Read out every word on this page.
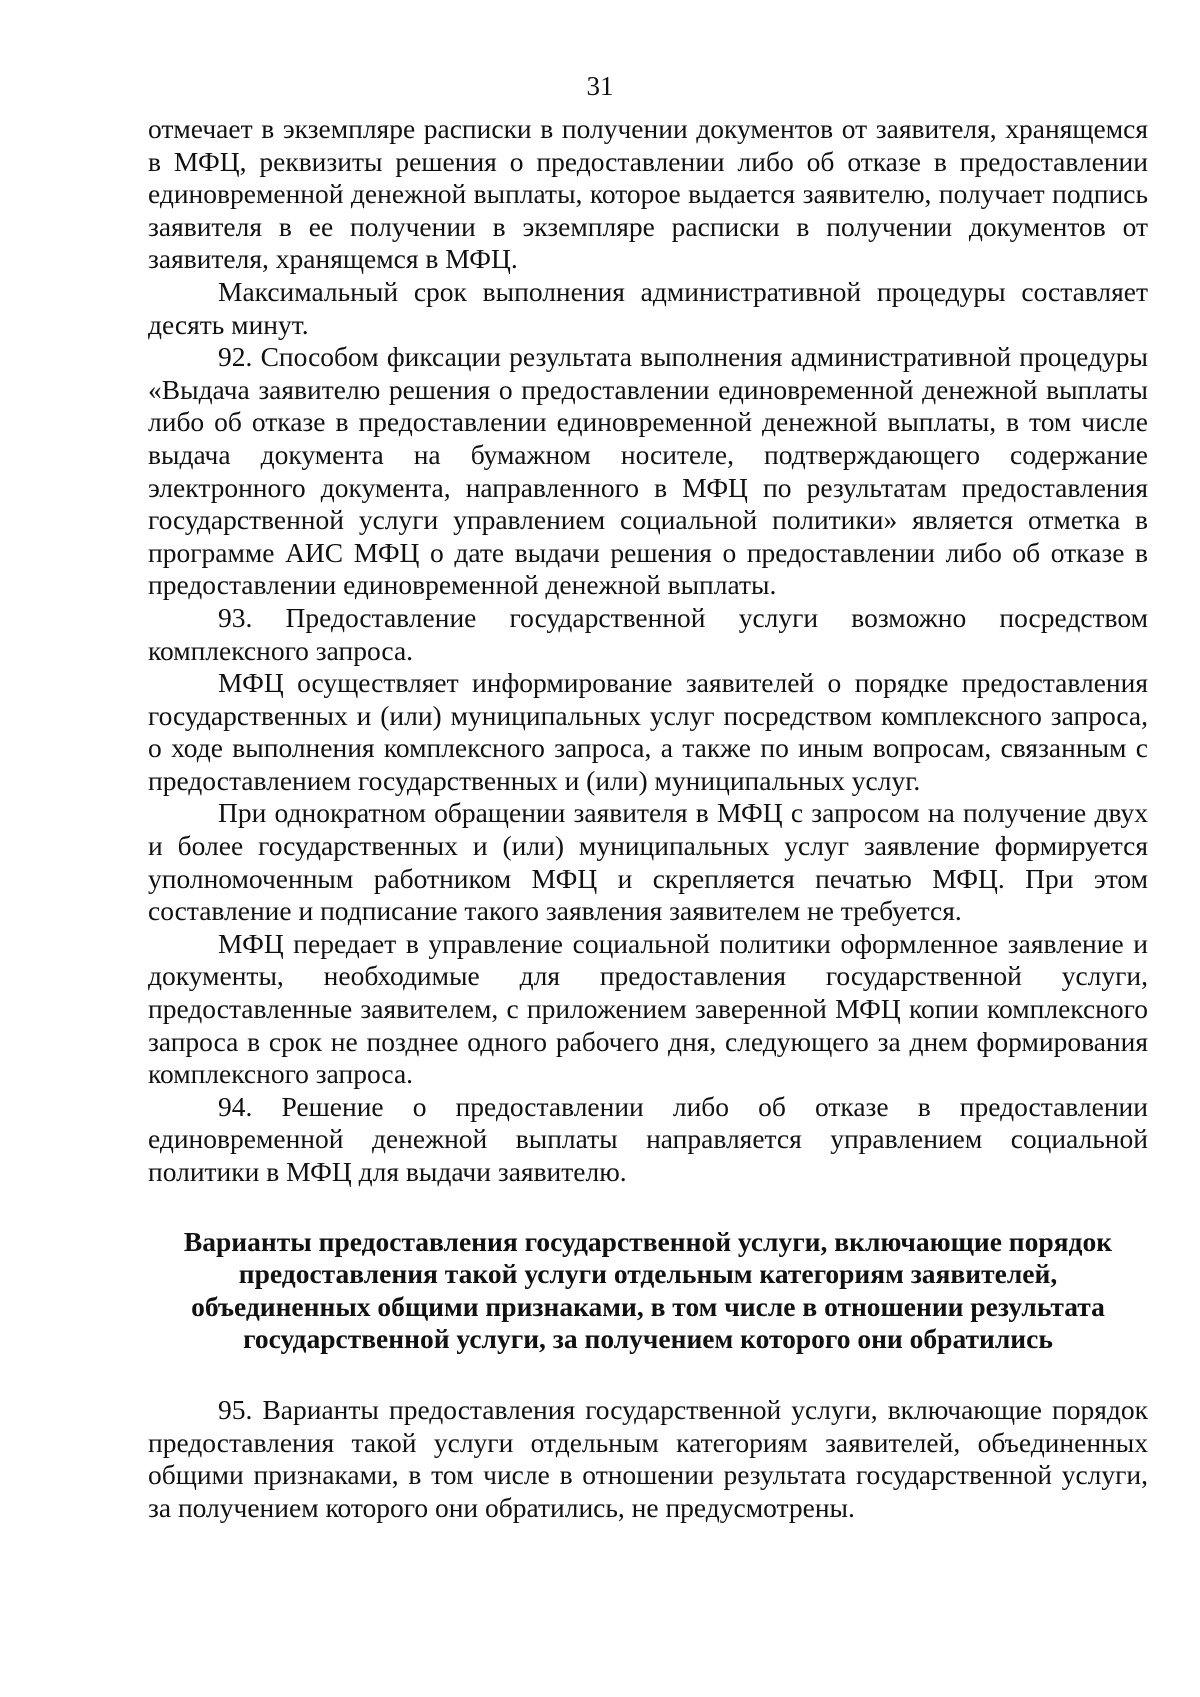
31

отмечает в экземпляре расписки в получении документов от заявителя, хранящемся в МФЦ, реквизиты решения о предоставлении либо об отказе в предоставлении единовременной денежной выплаты, которое выдается заявителю, получает подпись заявителя в ее получении в экземпляре расписки в получении документов от заявителя, хранящемся в МФЦ.

Максимальный срок выполнения административной процедуры составляет десять минут.

92. Способом фиксации результата выполнения административной процедуры «Выдача заявителю решения о предоставлении единовременной денежной выплаты либо об отказе в предоставлении единовременной денежной выплаты, в том числе выдача документа на бумажном носителе, подтверждающего содержание электронного документа, направленного в МФЦ по результатам предоставления государственной услуги управлением социальной политики» является отметка в программе АИС МФЦ о дате выдачи решения о предоставлении либо об отказе в предоставлении единовременной денежной выплаты.

93. Предоставление государственной услуги возможно посредством комплексного запроса.

МФЦ осуществляет информирование заявителей о порядке предоставления государственных и (или) муниципальных услуг посредством комплексного запроса, о ходе выполнения комплексного запроса, а также по иным вопросам, связанным с предоставлением государственных и (или) муниципальных услуг.

При однократном обращении заявителя в МФЦ с запросом на получение двух и более государственных и (или) муниципальных услуг заявление формируется уполномоченным работником МФЦ и скрепляется печатью МФЦ. При этом составление и подписание такого заявления заявителем не требуется.

МФЦ передает в управление социальной политики оформленное заявление и документы, необходимые для предоставления государственной услуги, предоставленные заявителем, с приложением заверенной МФЦ копии комплексного запроса в срок не позднее одного рабочего дня, следующего за днем формирования комплексного запроса.

94. Решение о предоставлении либо об отказе в предоставлении единовременной денежной выплаты направляется управлением социальной политики в МФЦ для выдачи заявителю.

Варианты предоставления государственной услуги, включающие порядок
предоставления такой услуги отдельным категориям заявителей,
объединенных общими признаками, в том числе в отношении результата
государственной услуги, за получением которого они обратились

95. Варианты предоставления государственной услуги, включающие порядок предоставления такой услуги отдельным категориям заявителей, объединенных общими признаками, в том числе в отношении результата государственной услуги, за получением которого они обратились, не предусмотрены.
